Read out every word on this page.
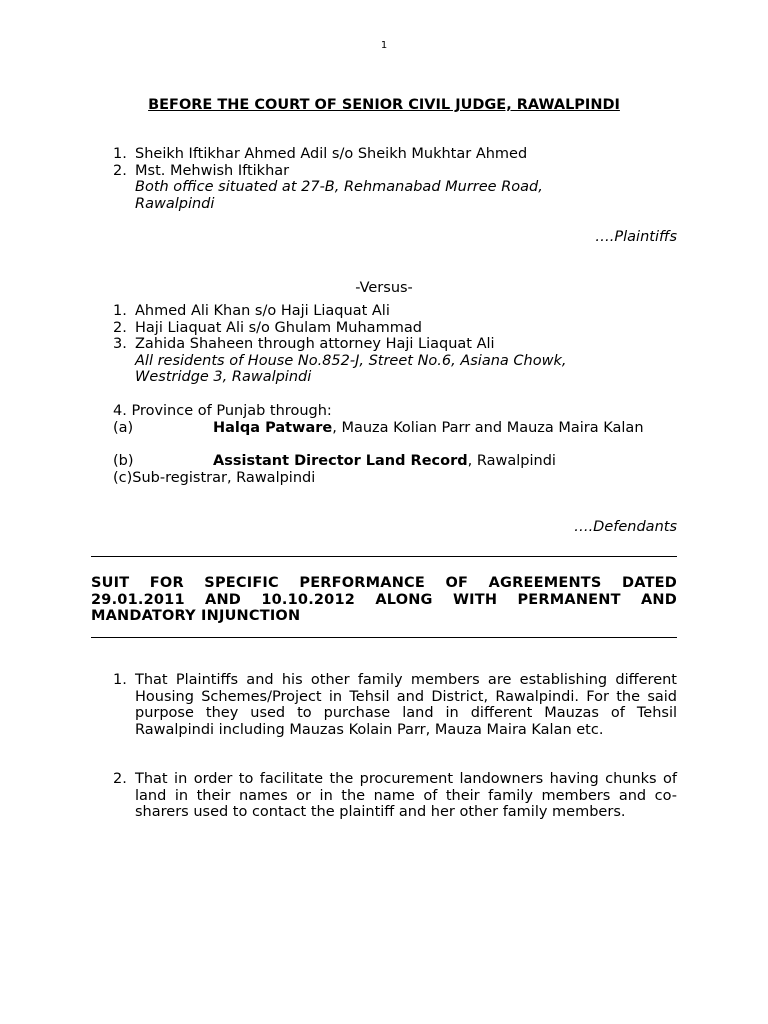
1
BEFORE THE COURT OF SENIOR CIVIL JUDGE, RAWALPINDI
1. Sheikh Iftikhar Ahmed Adil s/o Sheikh Mukhtar Ahmed
2. Mst. Mehwish Iftikhar
Both office situated at 27-B, Rehmanabad Murree Road,
Rawalpindi
….Plaintiffs
-Versus-
1. Ahmed Ali Khan s/o Haji Liaquat Ali
2. Haji Liaquat Ali s/o Ghulam Muhammad
3. Zahida Shaheen through attorney Haji Liaquat Ali
All residents of House No.852-J, Street No.6, Asiana Chowk,
Westridge 3, Rawalpindi
4. Province of Punjab through:
(a)	Halqa Patware, Mauza Kolian Parr and Mauza Maira Kalan
(b)	Assistant Director Land Record, Rawalpindi
(c)Sub-registrar, Rawalpindi
….Defendants
SUIT FOR SPECIFIC PERFORMANCE OF AGREEMENTS DATED 29.01.2011 AND 10.10.2012 ALONG WITH PERMANENT AND MANDATORY INJUNCTION
1. That Plaintiffs and his other family members are establishing different Housing Schemes/Project in Tehsil and District, Rawalpindi. For the said purpose they used to purchase land in different Mauzas of Tehsil Rawalpindi including Mauzas Kolain Parr, Mauza Maira Kalan etc.
2. That in order to facilitate the procurement landowners having chunks of land in their names or in the name of their family members and co-sharers used to contact the plaintiff and her other family members.
